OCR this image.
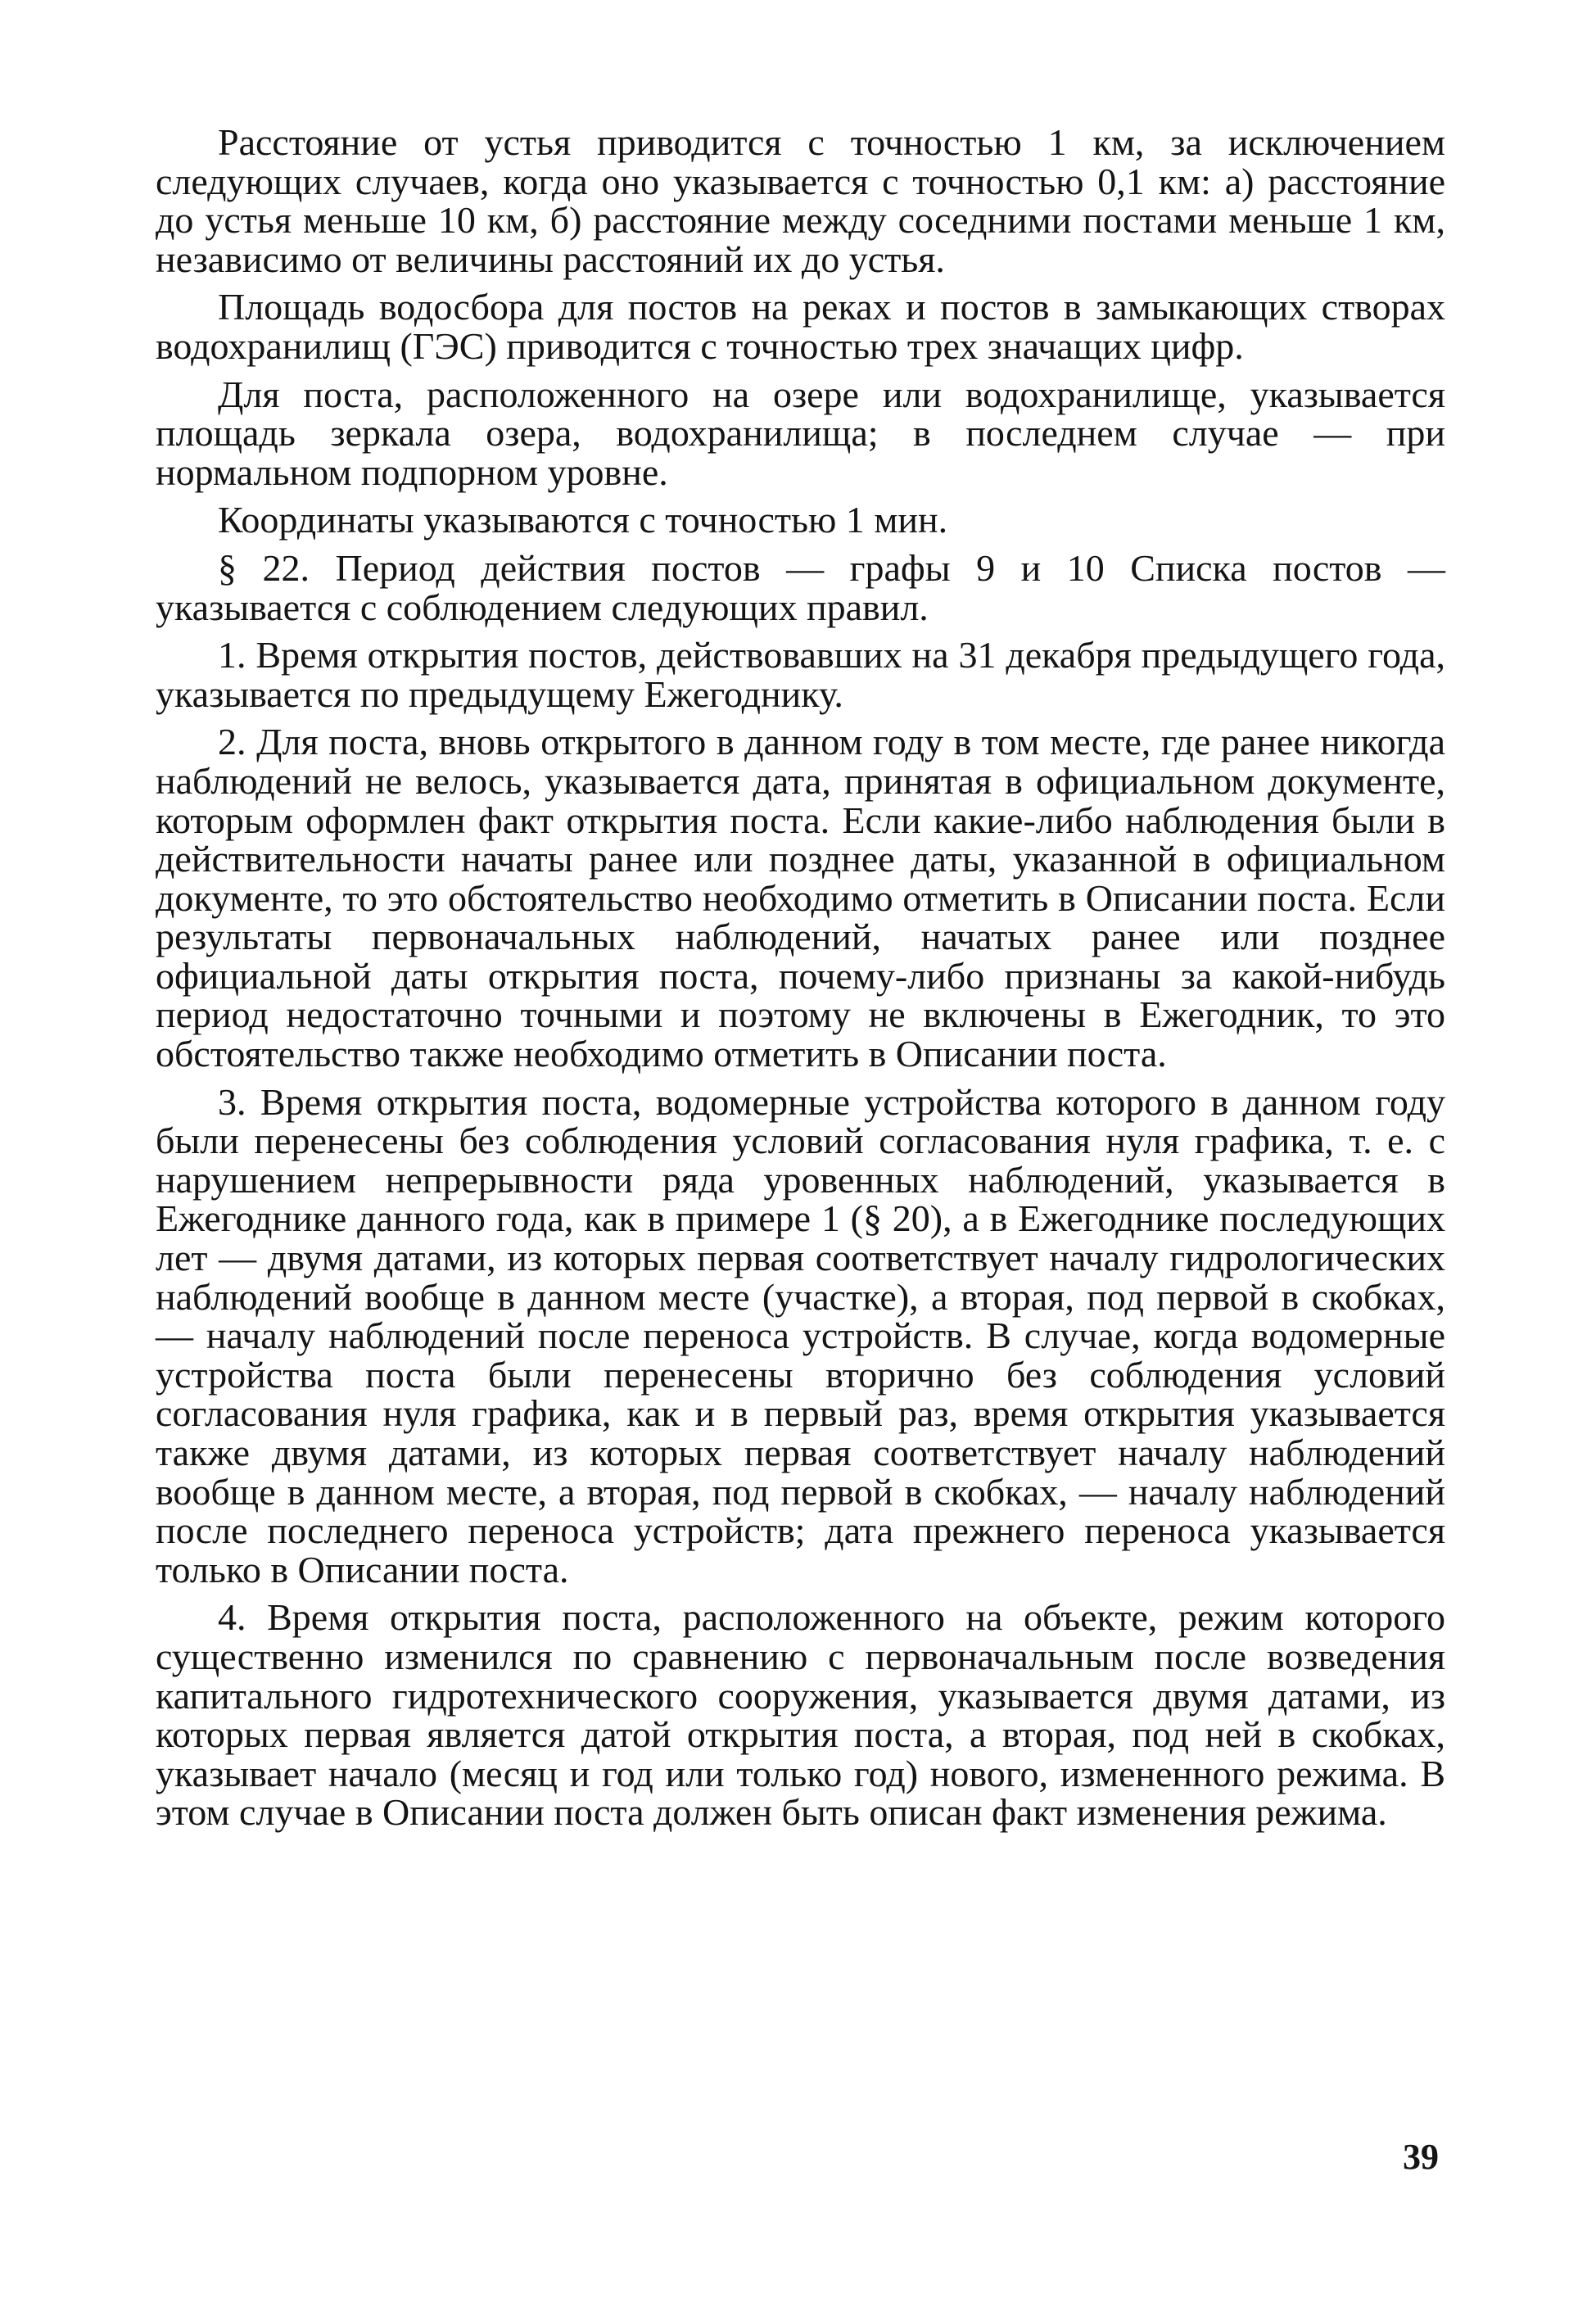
Расстояние от устья приводится с точностью 1 км, за исключением следующих случаев, когда оно указывается с точностью 0,1 км: а) расстояние до устья меньше 10 км, б) расстояние между соседними постами меньше 1 км, независимо от величины расстояний их до устья.

Площадь водосбора для постов на реках и постов в замыкающих створах водохранилищ (ГЭС) приводится с точностью трех значащих цифр.

Для поста, расположенного на озере или водохранилище, указывается площадь зеркала озера, водохранилища; в последнем случае — при нормальном подпорном уровне.

Координаты указываются с точностью 1 мин.

§ 22. Период действия постов — графы 9 и 10 Списка постов — указывается с соблюдением следующих правил.

1. Время открытия постов, действовавших на 31 декабря предыдущего года, указывается по предыдущему Ежегоднику.

2. Для поста, вновь открытого в данном году в том месте, где ранее никогда наблюдений не велось, указывается дата, принятая в официальном документе, которым оформлен факт открытия поста. Если какие-либо наблюдения были в действительности начаты ранее или позднее даты, указанной в официальном документе, то это обстоятельство необходимо отметить в Описании поста. Если результаты первоначальных наблюдений, начатых ранее или позднее официальной даты открытия поста, почему-либо признаны за какой-нибудь период недостаточно точными и поэтому не включены в Ежегодник, то это обстоятельство также необходимо отметить в Описании поста.

3. Время открытия поста, водомерные устройства которого в данном году были перенесены без соблюдения условий согласования нуля графика, т. е. с нарушением непрерывности ряда уровенных наблюдений, указывается в Ежегоднике данного года, как в примере 1 (§ 20), а в Ежегоднике последующих лет — двумя датами, из которых первая соответствует началу гидрологических наблюдений вообще в данном месте (участке), а вторая, под первой в скобках, — началу наблюдений после переноса устройств. В случае, когда водомерные устройства поста были перенесены вторично без соблюдения условий согласования нуля графика, как и в первый раз, время открытия указывается также двумя датами, из которых первая соответствует началу наблюдений вообще в данном месте, а вторая, под первой в скобках, — началу наблюдений после последнего переноса устройств; дата прежнего переноса указывается только в Описании поста.

4. Время открытия поста, расположенного на объекте, режим которого существенно изменился по сравнению с первоначальным после возведения капитального гидротехнического сооружения, указывается двумя датами, из которых первая является датой открытия поста, а вторая, под ней в скобках, указывает начало (месяц и год или только год) нового, измененного режима. В этом случае в Описании поста должен быть описан факт изменения режима.

39
